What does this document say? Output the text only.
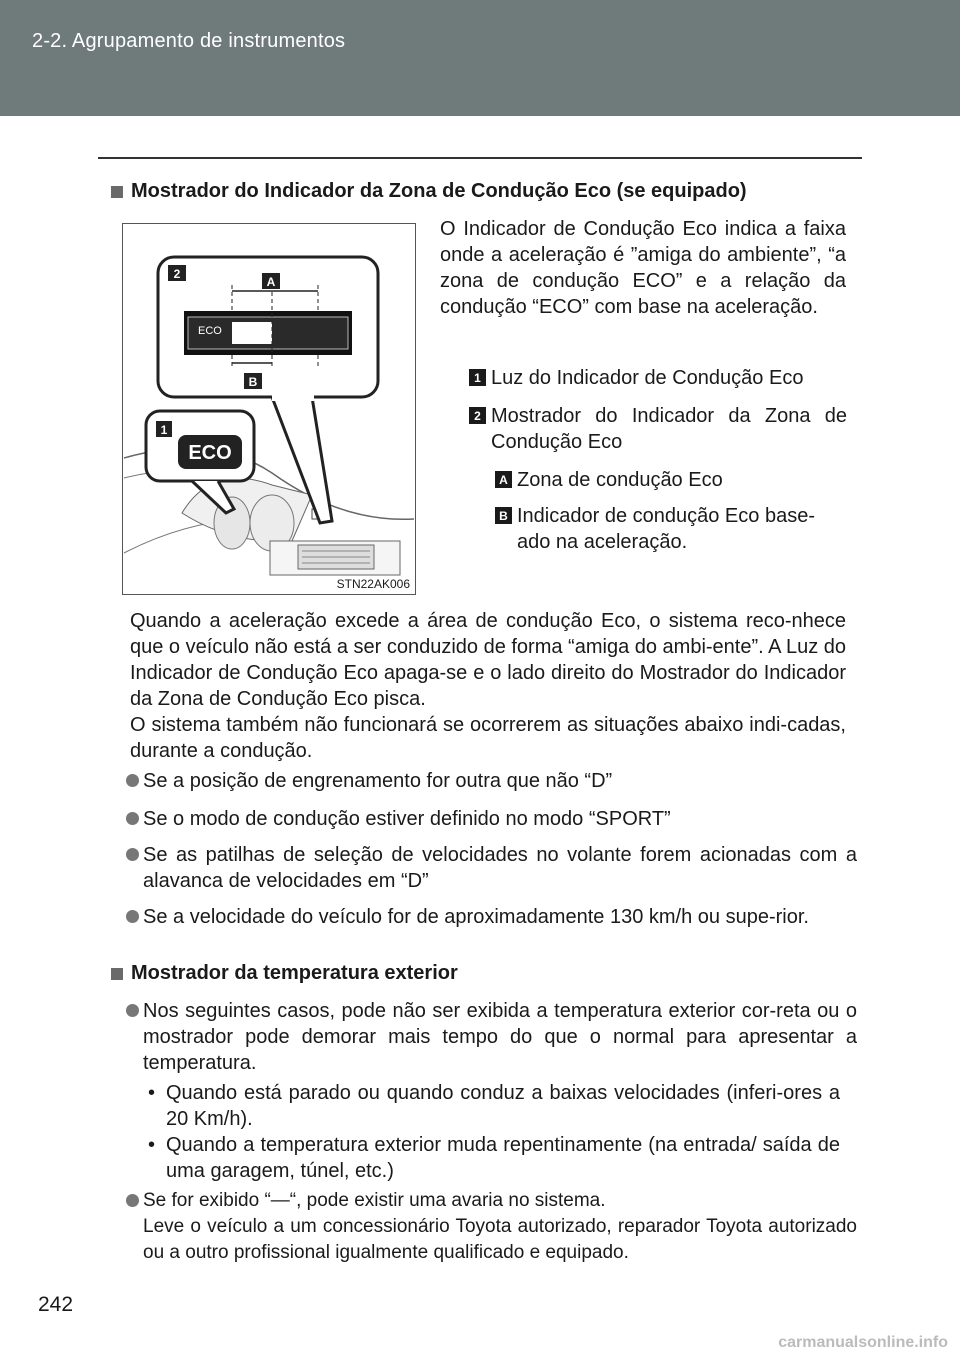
2-2. Agrupamento de instrumentos
Mostrador do Indicador da Zona de Condução Eco (se equipado)
2
A
ECO
B
1
ECO
STN22AK006
O Indicador de Condução Eco indica a faixa onde a aceleração é ”amiga do ambiente”, “a zona de condução ECO” e a relação da condução “ECO” com base na aceleração.
1 Luz do Indicador de Condução Eco
2 Mostrador do Indicador da Zona de Condução Eco
A Zona de condução Eco
B Indicador de condução Eco base-ado na aceleração.
Quando a aceleração excede a área de condução Eco, o sistema reco-nhece que o veículo não está a ser conduzido de forma “amiga do ambi-ente”. A Luz do Indicador de Condução Eco apaga-se e o lado direito do Mostrador do Indicador da Zona de Condução Eco pisca.
O sistema também não funcionará se ocorrerem as situações abaixo indi-cadas, durante a condução.
Se a posição de engrenamento for outra que não “D”
Se o modo de condução estiver definido no modo “SPORT”
Se as patilhas de seleção de velocidades no volante forem acionadas com a alavanca de velocidades em “D”
Se a velocidade do veículo for de aproximadamente 130 km/h ou supe-rior.
Mostrador da temperatura exterior
Nos seguintes casos, pode não ser exibida a temperatura exterior cor-reta ou o mostrador pode demorar mais tempo do que o normal para apresentar a temperatura.
• Quando está parado ou quando conduz a baixas velocidades (inferi-ores a 20 Km/h).
• Quando a temperatura exterior muda repentinamente (na entrada/ saída de uma garagem, túnel, etc.)
Se for exibido “—“, pode existir uma avaria no sistema.
Leve o veículo a um concessionário Toyota autorizado, reparador Toyota autorizado ou a outro profissional igualmente qualificado e equipado.
242
carmanualsonline.info
